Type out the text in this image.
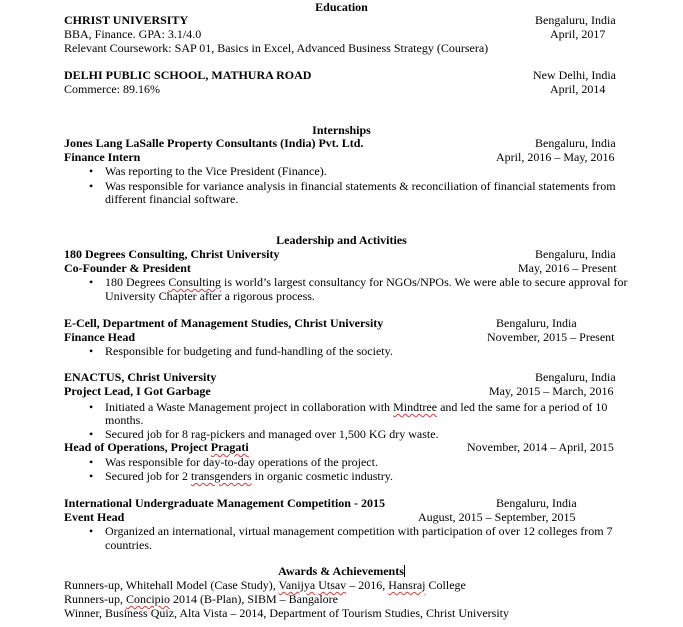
Education
CHRIST UNIVERSITY	Bengaluru, India
BBA, Finance. GPA: 3.1/4.0	April, 2017
Relevant Coursework: SAP 01, Basics in Excel, Advanced Business Strategy (Coursera)
DELHI PUBLIC SCHOOL, MATHURA ROAD	New Delhi, India
Commerce: 89.16%	April, 2014
Internships
Jones Lang LaSalle Property Consultants (India) Pvt. Ltd.	Bengaluru, India
Finance Intern	April, 2016 – May, 2016
• Was reporting to the Vice President (Finance).
• Was responsible for variance analysis in financial statements & reconciliation of financial statements from
different financial software.
Leadership and Activities
180 Degrees Consulting, Christ University	Bengaluru, India
Co-Founder & President	May, 2016 – Present
• 180 Degrees Consulting is world’s largest consultancy for NGOs/NPOs. We were able to secure approval for
University Chapter after a rigorous process.
E-Cell, Department of Management Studies, Christ University	Bengaluru, India
Finance Head	November, 2015 – Present
• Responsible for budgeting and fund-handling of the society.
ENACTUS, Christ University	Bengaluru, India
Project Lead, I Got Garbage	May, 2015 – March, 2016
• Initiated a Waste Management project in collaboration with Mindtree and led the same for a period of 10
months.
• Secured job for 8 rag-pickers and managed over 1,500 KG dry waste.
Head of Operations, Project Pragati	November, 2014 – April, 2015
• Was responsible for day-to-day operations of the project.
• Secured job for 2 transgenders in organic cosmetic industry.
International Undergraduate Management Competition - 2015	Bengaluru, India
Event Head	August, 2015 – September, 2015
• Organized an international, virtual management competition with participation of over 12 colleges from 7
countries.
Awards & Achievements
Runners-up, Whitehall Model (Case Study), Vanijya Utsav – 2016, Hansraj College
Runners-up, Concipio 2014 (B-Plan), SIBM – Bangalore
Winner, Business Quiz, Alta Vista – 2014, Department of Tourism Studies, Christ University
